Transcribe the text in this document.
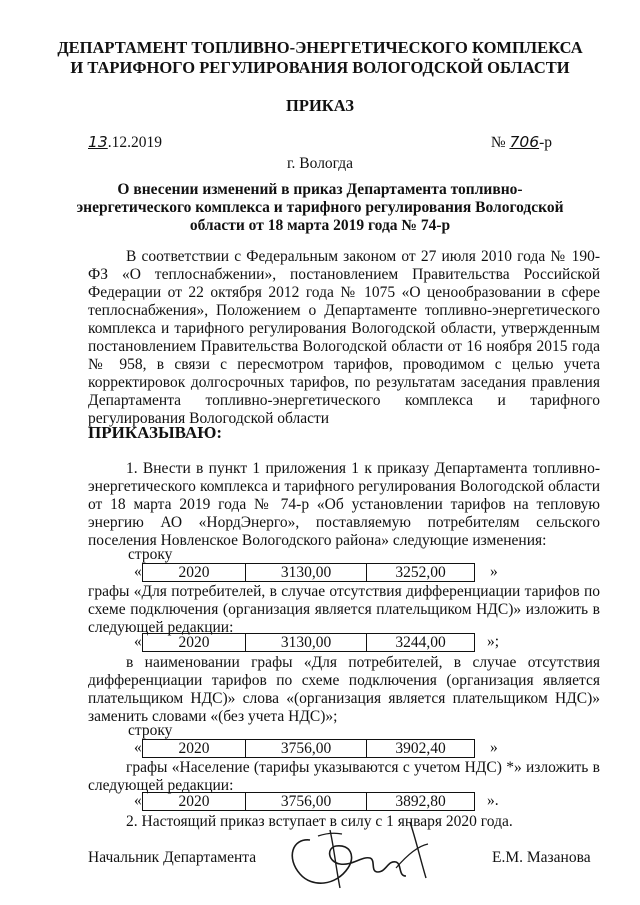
ДЕПАРТАМЕНТ ТОПЛИВНО-ЭНЕРГЕТИЧЕСКОГО КОМПЛЕКСА
И ТАРИФНОГО РЕГУЛИРОВАНИЯ ВОЛОГОДСКОЙ ОБЛАСТИ
ПРИКАЗ
13.12.2019	№ 706-р
г. Вологда
О внесении изменений в приказ Департамента топливно-
энергетического комплекса и тарифного регулирования Вологодской
области от 18 марта 2019 года № 74-р
В соответствии с Федеральным законом от 27 июля 2010 года № 190-ФЗ «О теплоснабжении», постановлением Правительства Российской Федерации от 22 октября 2012 года № 1075 «О ценообразовании в сфере теплоснабжения», Положением о Департаменте топливно-энергетического комплекса и тарифного регулирования Вологодской области, утвержденным постановлением Правительства Вологодской области от 16 ноября 2015 года № 958, в связи с пересмотром тарифов, проводимом с целью учета корректировок долгосрочных тарифов, по результатам заседания правления Департамента топливно-энергетического комплекса и тарифного регулирования Вологодской области
ПРИКАЗЫВАЮ:
1. Внести в пункт 1 приложения 1 к приказу Департамента топливно-энергетического комплекса и тарифного регулирования Вологодской области от 18 марта 2019 года № 74-р «Об установлении тарифов на тепловую энергию АО «НордЭнерго», поставляемую потребителям сельского поселения Новленское Вологодского района» следующие изменения:
строку
« 2020	3130,00	3252,00	»
графы «Для потребителей, в случае отсутствия дифференциации тарифов по схеме подключения (организация является плательщиком НДС)» изложить в следующей редакции:
« 2020	3130,00	3244,00	»;
в наименовании графы «Для потребителей, в случае отсутствия дифференциации тарифов по схеме подключения (организация является плательщиком НДС)» слова «(организация является плательщиком НДС)» заменить словами «(без учета НДС)»;
строку
« 2020	3756,00	3902,40	»
графы «Население (тарифы указываются с учетом НДС) *» изложить в следующей редакции:
« 2020	3756,00	3892,80	».
2. Настоящий приказ вступает в силу с 1 января 2020 года.
Начальник Департамента	Е.М. Мазанова
